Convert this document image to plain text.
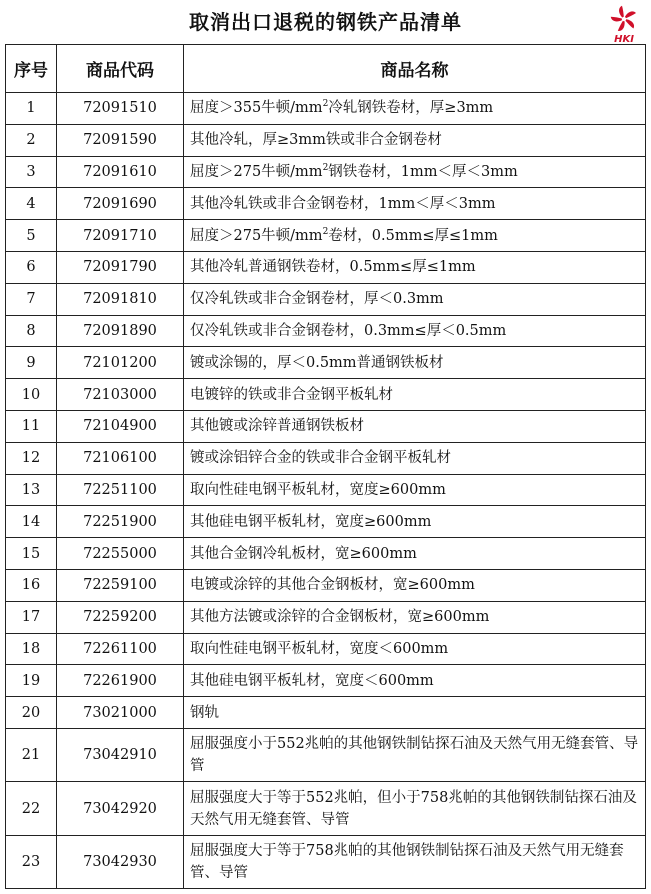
取消出口退税的钢铁产品清单
HKI
序号	商品代码	商品名称
1	72091510	屈度＞355牛顿$/mm^2$冷轧钢铁卷材，厚≥3mm
2	72091590	其他冷轧，厚≥3mm铁或非合金钢卷材
3	72091610	屈度＞275牛顿$/mm^2$钢铁卷材，1mm＜厚＜3mm
4	72091690	其他冷轧铁或非合金钢卷材，1mm＜厚＜3mm
5	72091710	屈度＞275牛顿$/mm^2$卷材，0.5mm≤厚≤1mm
6	72091790	其他冷轧普通钢铁卷材，0.5mm≤厚≤1mm
7	72091810	仅冷轧铁或非合金钢卷材，厚＜0.3mm
8	72091890	仅冷轧铁或非合金钢卷材，0.3mm≤厚＜0.5mm
9	72101200	镀或涂锡的，厚＜0.5mm普通钢铁板材
10	72103000	电镀锌的铁或非合金钢平板轧材
11	72104900	其他镀或涂锌普通钢铁板材
12	72106100	镀或涂铝锌合金的铁或非合金钢平板轧材
13	72251100	取向性硅电钢平板轧材，宽度≥600mm
14	72251900	其他硅电钢平板轧材，宽度≥600mm
15	72255000	其他合金钢冷轧板材，宽≥600mm
16	72259100	电镀或涂锌的其他合金钢板材，宽≥600mm
17	72259200	其他方法镀或涂锌的合金钢板材，宽≥600mm
18	72261100	取向性硅电钢平板轧材，宽度＜600mm
19	72261900	其他硅电钢平板轧材，宽度＜600mm
20	73021000	钢轨
21	73042910	屈服强度小于552兆帕的其他钢铁制钻探石油及天然气用无缝套管、导管
22	73042920	屈服强度大于等于552兆帕，但小于758兆帕的其他钢铁制钻探石油及天然气用无缝套管、导管
23	73042930	屈服强度大于等于758兆帕的其他钢铁制钻探石油及天然气用无缝套管、导管
